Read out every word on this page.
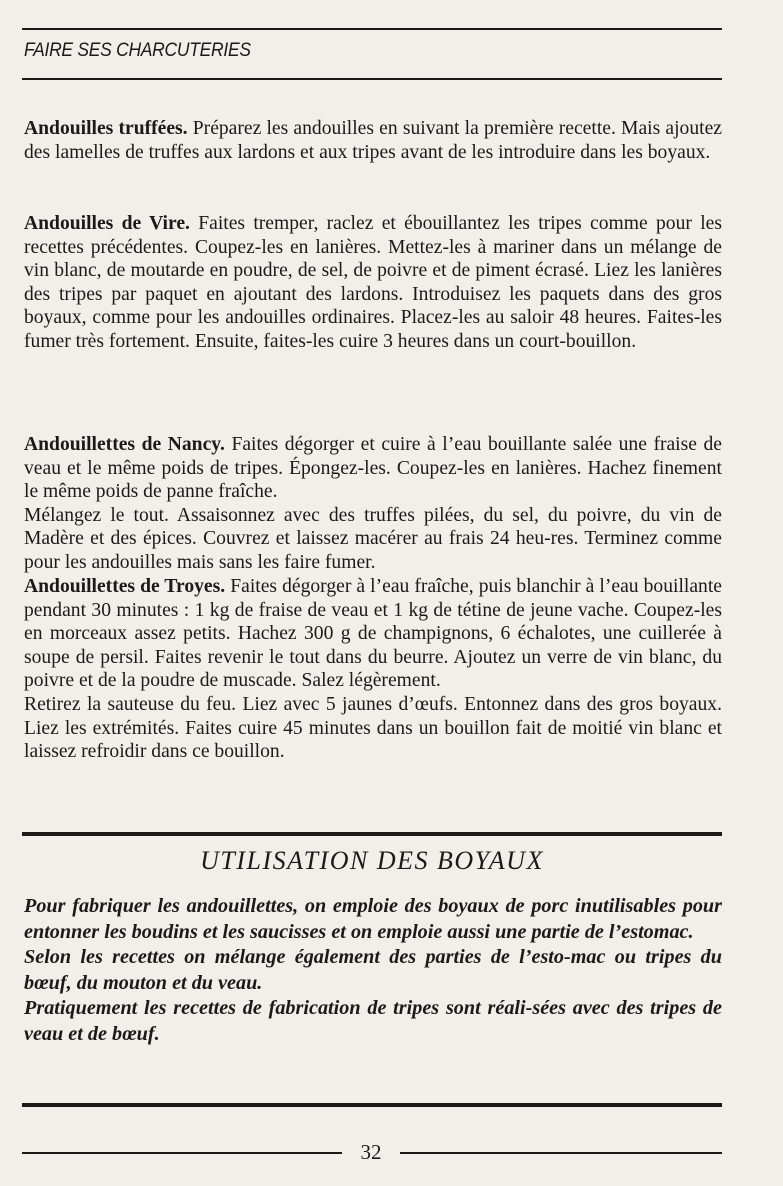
FAIRE SES CHARCUTERIES

Andouilles truffées. Préparez les andouilles en suivant la première recette. Mais ajoutez des lamelles de truffes aux lardons et aux tripes avant de les introduire dans les boyaux.

Andouilles de Vire. Faites tremper, raclez et ébouillantez les tripes comme pour les recettes précédentes. Coupez-les en lanières. Mettez-les à mariner dans un mélange de vin blanc, de moutarde en poudre, de sel, de poivre et de piment écrasé. Liez les lanières des tripes par paquet en ajoutant des lardons. Introduisez les paquets dans des gros boyaux, comme pour les andouilles ordinaires. Placez-les au saloir 48 heures. Faites-les fumer très fortement. Ensuite, faites-les cuire 3 heures dans un court-bouillon.

Andouillettes de Nancy. Faites dégorger et cuire à l’eau bouillante salée une fraise de veau et le même poids de tripes. Épongez-les. Coupez-les en lanières. Hachez finement le même poids de panne fraîche.

Mélangez le tout. Assaisonnez avec des truffes pilées, du sel, du poivre, du vin de Madère et des épices. Couvrez et laissez macérer au frais 24 heu-res. Terminez comme pour les andouilles mais sans les faire fumer.

Andouillettes de Troyes. Faites dégorger à l’eau fraîche, puis blanchir à l’eau bouillante pendant 30 minutes : 1 kg de fraise de veau et 1 kg de tétine de jeune vache. Coupez-les en morceaux assez petits. Hachez 300 g de champignons, 6 échalotes, une cuillerée à soupe de persil. Faites revenir le tout dans du beurre. Ajoutez un verre de vin blanc, du poivre et de la poudre de muscade. Salez légèrement.

Retirez la sauteuse du feu. Liez avec 5 jaunes d’œufs. Entonnez dans des gros boyaux. Liez les extrémités. Faites cuire 45 minutes dans un bouillon fait de moitié vin blanc et laissez refroidir dans ce bouillon.

UTILISATION DES BOYAUX

Pour fabriquer les andouillettes, on emploie des boyaux de porc inutilisables pour entonner les boudins et les saucisses et on emploie aussi une partie de l’estomac.

Selon les recettes on mélange également des parties de l’esto-mac ou tripes du bœuf, du mouton et du veau.

Pratiquement les recettes de fabrication de tripes sont réali-sées avec des tripes de veau et de bœuf.

32
